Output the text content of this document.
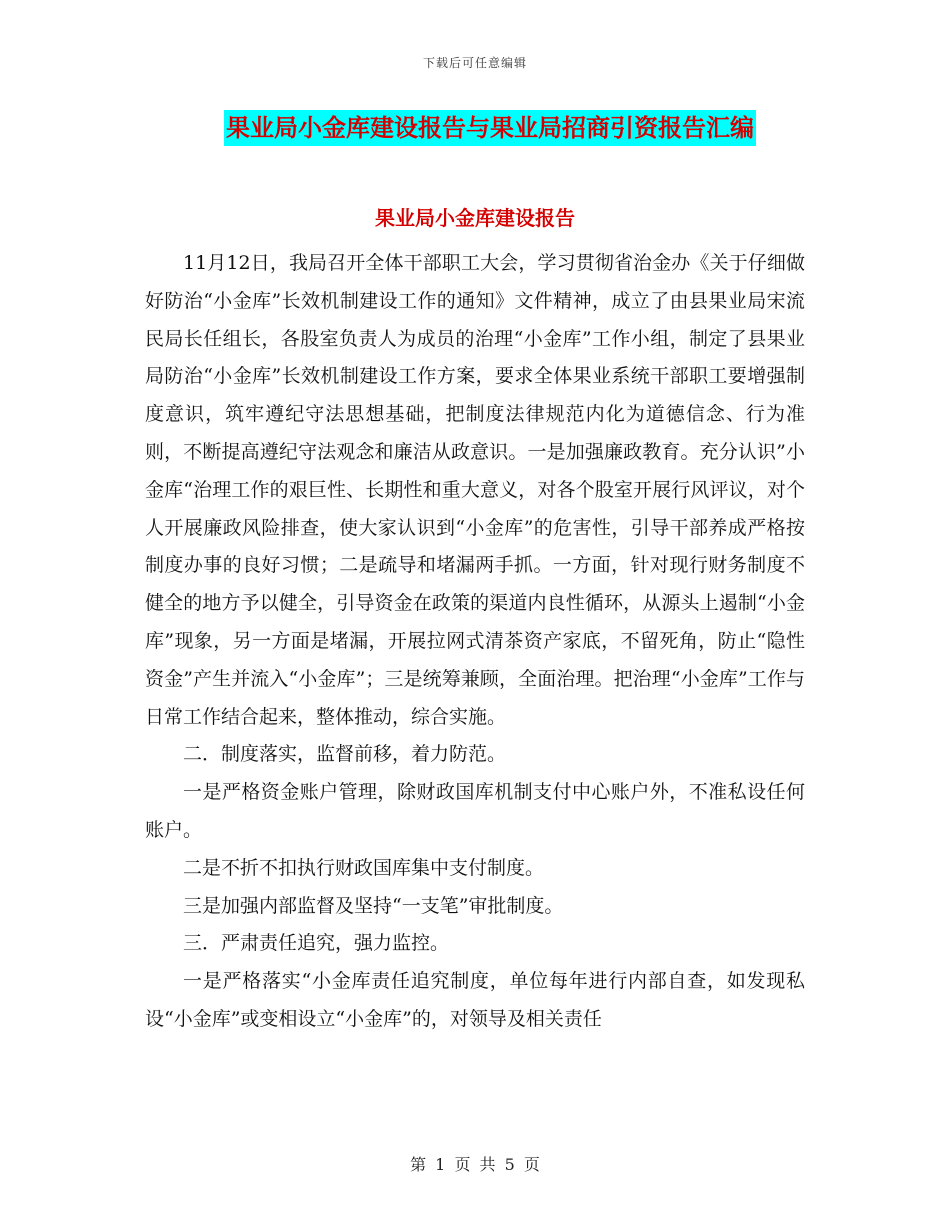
下载后可任意编辑
果业局小金库建设报告与果业局招商引资报告汇编
果业局小金库建设报告

11月12日，我局召开全体干部职工大会，学习贯彻省治金办《关于仔细做好防治“小金库”长效机制建设工作的通知》文件精神，成立了由县果业局宋流民局长任组长，各股室负责人为成员的治理“小金库”工作小组，制定了县果业局防治“小金库”长效机制建设工作方案，要求全体果业系统干部职工要增强制度意识，筑牢遵纪守法思想基础，把制度法律规范内化为道德信念、行为准则，不断提高遵纪守法观念和廉洁从政意识。一是加强廉政教育。充分认识”小金库“治理工作的艰巨性、长期性和重大意义，对各个股室开展行风评议，对个人开展廉政风险排查，使大家认识到“小金库”的危害性，引导干部养成严格按制度办事的良好习惯；二是疏导和堵漏两手抓。一方面，针对现行财务制度不健全的地方予以健全，引导资金在政策的渠道内良性循环，从源头上遏制“小金库”现象，另一方面是堵漏，开展拉网式清茶资产家底，不留死角，防止“隐性资金”产生并流入“小金库”；三是统筹兼顾，全面治理。把治理“小金库”工作与日常工作结合起来，整体推动，综合实施。

二．制度落实，监督前移，着力防范。

一是严格资金账户管理，除财政国库机制支付中心账户外，不准私设任何账户。

二是不折不扣执行财政国库集中支付制度。

三是加强内部监督及坚持“一支笔”审批制度。

三．严肃责任追究，强力监控。

一是严格落实“小金库责任追究制度，单位每年进行内部自查，如发现私设“小金库”或变相设立“小金库”的，对领导及相关责任

第 1 页 共 5 页
